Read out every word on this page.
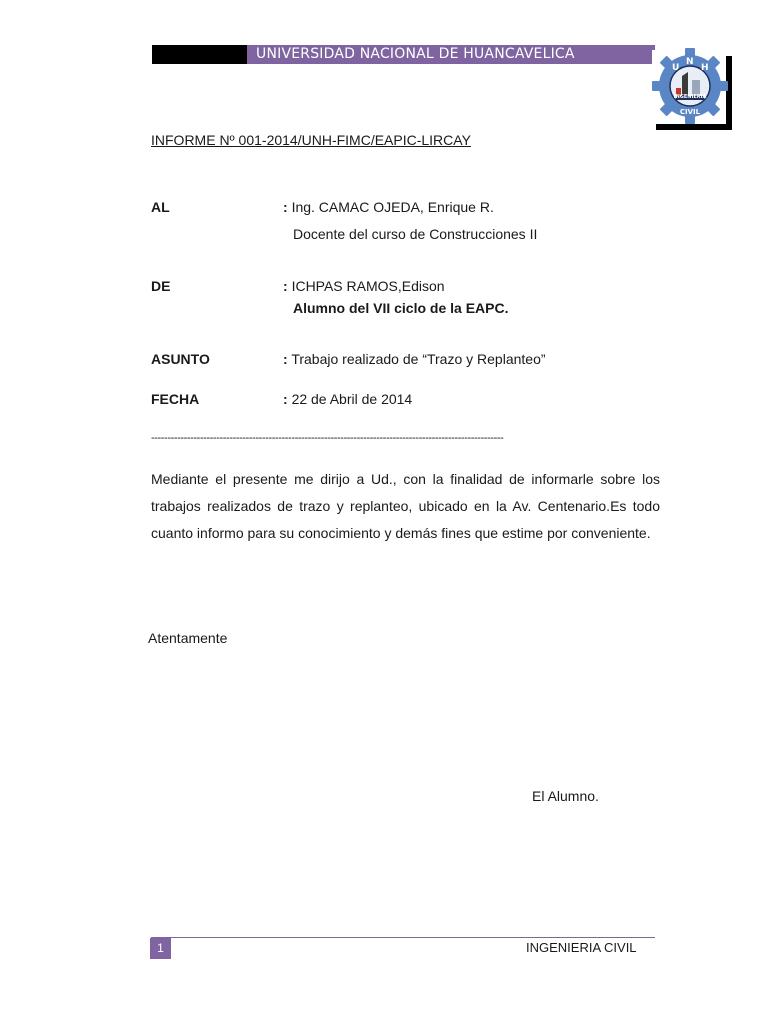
UNIVERSIDAD NACIONAL DE HUANCAVELICA
INGENIERIA
U
N
H
CIVIL
INFORME Nº 001-2014/UNH-FIMC/EAPIC-LIRCAY
AL	: Ing. CAMAC OJEDA, Enrique R.
Docente del curso de Construcciones II
DE	: ICHPAS RAMOS,Edison
Alumno del VII ciclo de la EAPC.
ASUNTO	: Trabajo realizado de “Trazo y Replanteo”
FECHA	: 22 de Abril de 2014
------------------------------------------------------------------------------------------------------------
Mediante el presente me dirijo a Ud., con la finalidad de informarle sobre los trabajos realizados de trazo y replanteo, ubicado en la Av. Centenario.Es todo cuanto informo para su conocimiento y demás fines que estime por conveniente.
Atentamente
El Alumno.
1	INGENIERIA CIVIL
